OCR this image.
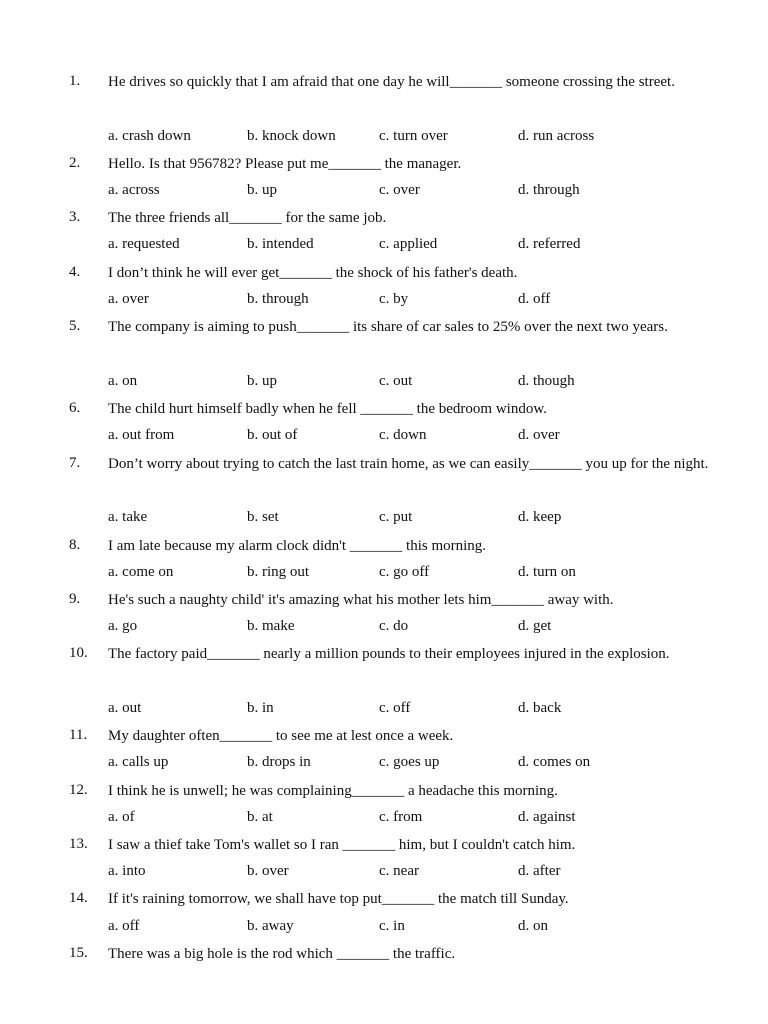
1.	He drives so quickly that I am afraid that one day he will_______ someone crossing the street.
a. crash down	b. knock down	c. turn over	d. run across
2.	Hello. Is that 956782? Please put me_______ the manager.
a. across	b. up	c. over	d. through
3.	The three friends all_______ for the same job.
a. requested	b. intended	c. applied	d. referred
4.	I don’t think he will ever get_______ the shock of his father's death.
a. over	b. through	c. by	d. off
5.	The company is aiming to push_______ its share of car sales to 25% over the next two years.
a. on	b. up	c. out	d. though
6.	The child hurt himself badly when he fell _______ the bedroom window.
a. out from	b. out of	c. down	d. over
7.	Don’t worry about trying to catch the last train home, as we can easily_______ you up for the night.
a. take	b. set	c. put	d. keep
8.	I am late because my alarm clock didn't _______ this morning.
a. come on	b. ring out	c. go off	d. turn on
9.	He's such a naughty child' it's amazing what his mother lets him_______ away with.
a. go	b. make	c. do	d. get
10.	The factory paid_______ nearly a million pounds to their employees injured in the explosion.
a. out	b. in	c. off	d. back
11.	My daughter often_______ to see me at lest once a week.
a. calls up	b. drops in	c. goes up	d. comes on
12.	I think he is unwell; he was complaining_______ a headache this morning.
a. of	b. at	c. from	d. against
13.	I saw a thief take Tom's wallet so I ran _______ him, but I couldn't catch him.
a. into	b. over	c. near	d. after
14.	If it's raining tomorrow, we shall have top put_______ the match till Sunday.
a. off	b. away	c. in	d. on
15.	There was a big hole is the rod which _______ the traffic.
